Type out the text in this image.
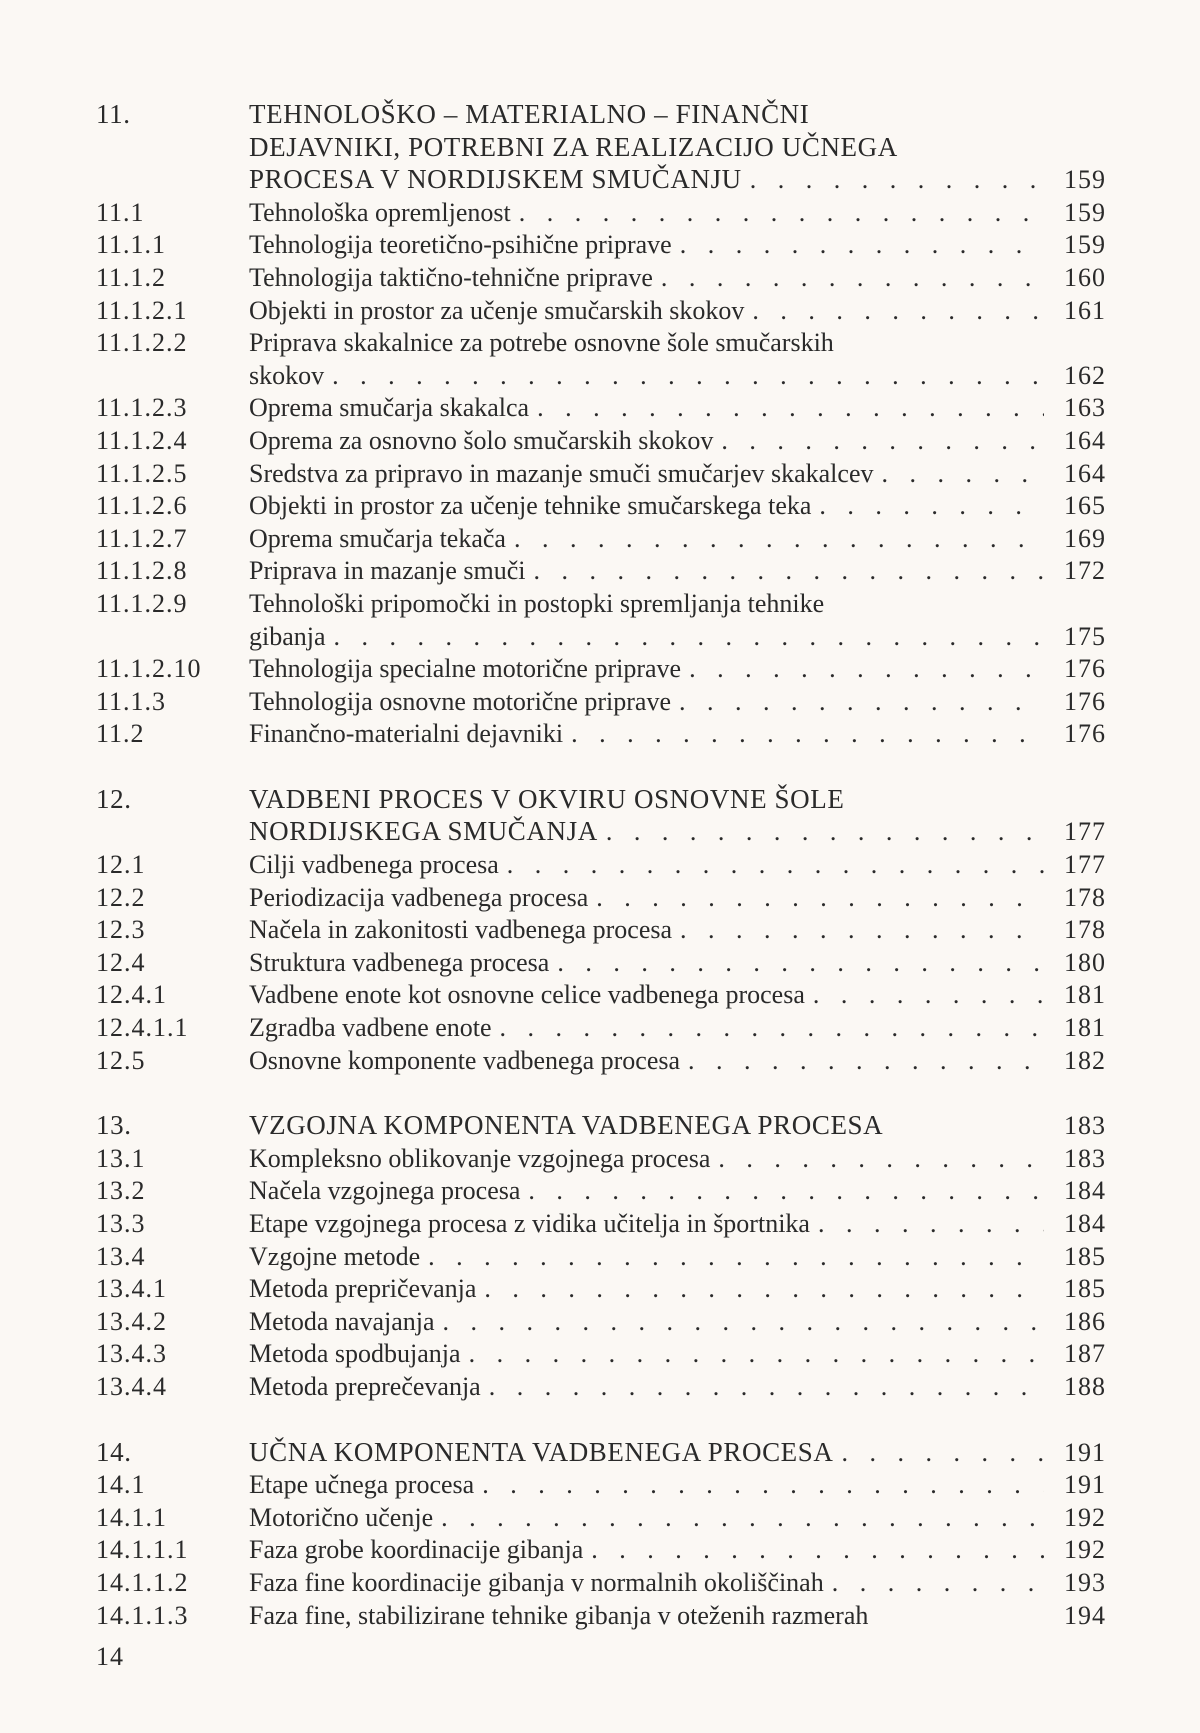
11.	TEHNOLOŠKO – MATERIALNO – FINANČNI
DEJAVNIKI, POTREBNI ZA REALIZACIJO UČNEGA
PROCESA V NORDIJSKEM SMUČANJU . . .	159
11.1	Tehnološka opremljenost . . .	159
11.1.1	Tehnologija teoretično-psihične priprave . . .	159
11.1.2	Tehnologija taktično-tehnične priprave . . .	160
11.1.2.1	Objekti in prostor za učenje smučarskih skokov . . .	161
11.1.2.2	Priprava skakalnice za potrebe osnovne šole smučarskih
skokov . . .	162
11.1.2.3	Oprema smučarja skakalca . . .	163
11.1.2.4	Oprema za osnovno šolo smučarskih skokov . . .	164
11.1.2.5	Sredstva za pripravo in mazanje smuči smučarjev skakalcev . . .	164
11.1.2.6	Objekti in prostor za učenje tehnike smučarskega teka . . .	165
11.1.2.7	Oprema smučarja tekača . . .	169
11.1.2.8	Priprava in mazanje smuči . . .	172
11.1.2.9	Tehnološki pripomočki in postopki spremljanja tehnike
gibanja . . .	175
11.1.2.10	Tehnologija specialne motorične priprave . . .	176
11.1.3	Tehnologija osnovne motorične priprave . . .	176
11.2	Finančno-materialni dejavniki . . .	176
12.	VADBENI PROCES V OKVIRU OSNOVNE ŠOLE
NORDIJSKEGA SMUČANJA . . .	177
12.1	Cilji vadbenega procesa . . .	177
12.2	Periodizacija vadbenega procesa . . .	178
12.3	Načela in zakonitosti vadbenega procesa . . .	178
12.4	Struktura vadbenega procesa . . .	180
12.4.1	Vadbene enote kot osnovne celice vadbenega procesa . . .	181
12.4.1.1	Zgradba vadbene enote . . .	181
12.5	Osnovne komponente vadbenega procesa . . .	182
13.	VZGOJNA KOMPONENTA VADBENEGA PROCESA	183
13.1	Kompleksno oblikovanje vzgojnega procesa . . .	183
13.2	Načela vzgojnega procesa . . .	184
13.3	Etape vzgojnega procesa z vidika učitelja in športnika . . .	184
13.4	Vzgojne metode . . .	185
13.4.1	Metoda prepričevanja . . .	185
13.4.2	Metoda navajanja . . .	186
13.4.3	Metoda spodbujanja . . .	187
13.4.4	Metoda preprečevanja . . .	188
14.	UČNA KOMPONENTA VADBENEGA PROCESA . . .	191
14.1	Etape učnega procesa . . .	191
14.1.1	Motorično učenje . . .	192
14.1.1.1	Faza grobe koordinacije gibanja . . .	192
14.1.1.2	Faza fine koordinacije gibanja v normalnih okoliščinah . . .	193
14.1.1.3	Faza fine, stabilizirane tehnike gibanja v oteženih razmerah	194
14
